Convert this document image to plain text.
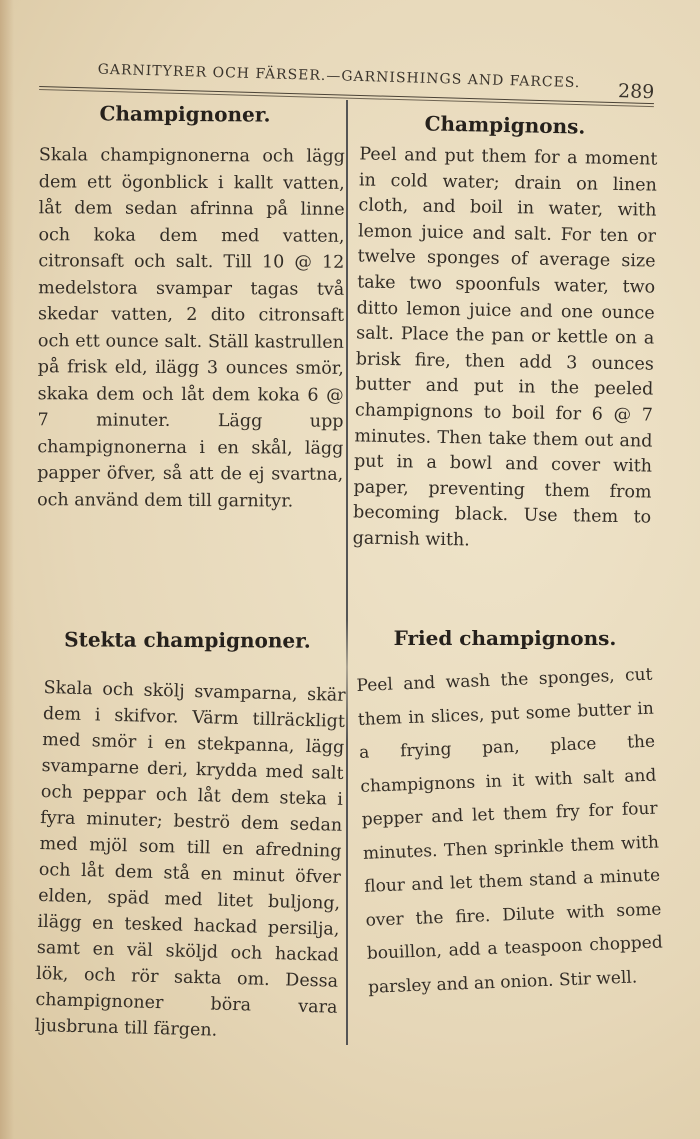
GARNITYRER OCH FÄRSER.—GARNISHINGS AND FARCES.
289
Champignoner.

Skala champignonerna och lägg dem ett ögonblick i kallt vatten, låt dem sedan afrinna på linne och koka dem med vatten, citronsaft och salt. Till 10 @ 12 medelstora svampar tagas två skedar vatten, 2 dito citronsaft och ett ounce salt. Ställ kastrullen på frisk eld, ilägg 3 ounces smör, skaka dem och låt dem koka 6 @ 7 minuter. Lägg upp champignonerna i en skål, lägg papper öfver, så att de ej svartna, och använd dem till garnityr.

Champignons.

Peel and put them for a moment in cold water; drain on linen cloth, and boil in water, with lemon juice and salt. For ten or twelve sponges of average size take two spoonfuls water, two ditto lemon juice and one ounce salt. Place the pan or kettle on a brisk fire, then add 3 ounces butter and put in the peeled champignons to boil for 6 @ 7 minutes. Then take them out and put in a bowl and cover with paper, preventing them from becoming black. Use them to garnish with.

Stekta champignoner.

Skala och skölj svamparna, skär dem i skifvor. Värm tillräckligt med smör i en stekpanna, lägg svamparne deri, krydda med salt och peppar och låt dem steka i fyra minuter; beströ dem sedan med mjöl som till en afredning och låt dem stå en minut öfver elden, späd med litet buljong, ilägg en tesked hackad persilja, samt en väl sköljd och hackad lök, och rör sakta om. Dessa champignoner böra vara ljusbruna till färgen.

Fried champignons.

Peel and wash the sponges, cut them in slices, put some butter in a frying pan, place the champignons in it with salt and pepper and let them fry for four minutes. Then sprinkle them with flour and let them stand a minute over the fire. Dilute with some bouillon, add a teaspoon chopped parsley and an onion. Stir well.
